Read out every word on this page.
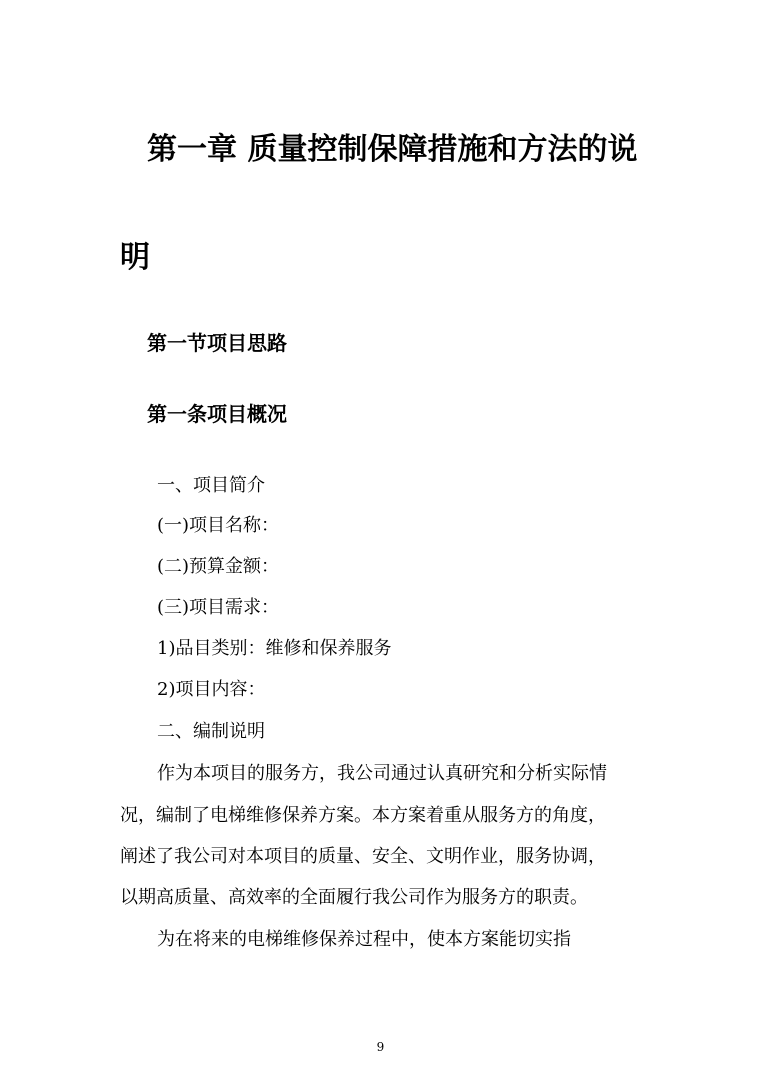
第一章 质量控制保障措施和方法的说明
第一节项目思路
第一条项目概况

一、项目简介

(一)项目名称：

(二)预算金额：

(三)项目需求：

1)品目类别：维修和保养服务

2)项目内容：

二、编制说明

作为本项目的服务方，我公司通过认真研究和分析实际情

况，编制了电梯维修保养方案。本方案着重从服务方的角度，

阐述了我公司对本项目的质量、安全、文明作业，服务协调，

以期高质量、高效率的全面履行我公司作为服务方的职责。

为在将来的电梯维修保养过程中，使本方案能切实指

9
